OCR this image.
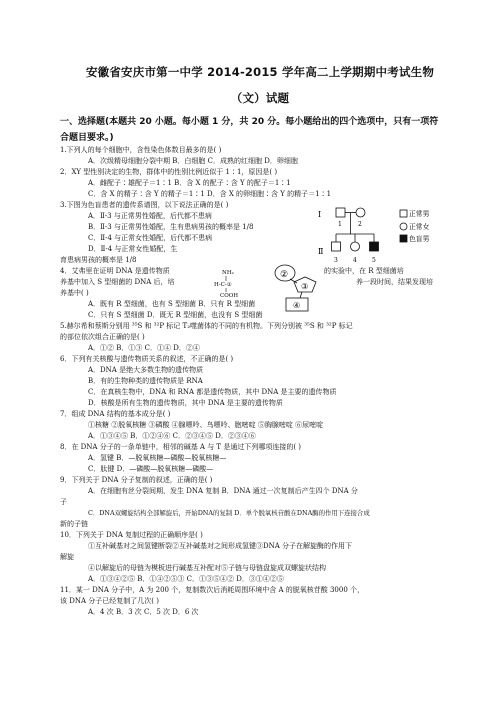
安徽省安庆市第一中学 2014-2015 学年高二上学期期中考试生物
（文）试题
一、选择题(本题共 20 小题。每小题 1 分，共 20 分。每小题给出的四个选项中，只有一项符合题目要求。)
1.下列人的每个细胞中，含性染色体数目最多的是( )
A．次级精母细胞分裂中期 B．白细胞 C．成熟的红细胞 D．卵细胞
2．XY 型性别决定的生物，群体中的性别比例近似于 1∶1，原因是( )
A．雌配子∶雄配子＝1∶1 B．含 X 的配子∶含 Y 的配子＝1∶1
C．含 X 的精子∶含 Y 的精子＝1∶1 D．含 X 的卵细胞∶含 Y 的精子＝1∶1
3.下图为色盲患者的遗传系谱图，以下说法正确的是( )
A．Ⅱ-3 与正常男性婚配，后代都不患病
B．Ⅱ-3 与正常男性婚配，生有患病男孩的概率是 1/8
C．Ⅱ-4 与正常女性婚配，后代都不患病
D．Ⅱ-4 与正常女性婚配，生
育患病男孩的概率是 1/8
4．艾弗里在证明 DNA 是遗传物质
养基中加入 S 型细菌的 DNA 后，培
养基中( )
的实验中，在 R 型细菌培
养一段时间，结果发现培
A．既有 R 型细菌，也有 S 型细菌 B．只有 R 型细菌
C．只有 S 型细菌 D．既无 R 型细菌，也没有 S 型细菌
5.赫尔希和蔡斯分别用 ³⁵S 和 ³²P 标记 T₂噬菌体的不同的有机物。下列分别被 ³⁵S 和 ³²P 标记
的部位依次组合正确的是( )
A．①② B．①③ C．①④ D．②④
6．下列有关核酸与遗传物质关系的叙述，不正确的是( )
A．DNA 是绝大多数生物的遗传物质
B．有的生物种类的遗传物质是 RNA
C．在真核生物中，DNA 和 RNA 都是遗传物质，其中 DNA 是主要的遗传物质
D．核酸是所有生物的遗传物质，其中 DNA 是主要的遗传物质
7．组成 DNA 结构的基本成分是( )
①核糖 ②脱氧核糖 ③磷酸 ④腺嘌呤、鸟嘌呤、胞嘧啶 ⑤胸腺嘧啶 ⑥尿嘧啶
A．①③④⑤ B．①②④⑥ C．②③④⑤ D．②③④⑥
8．在 DNA 分子的一条单链中，相邻的碱基 A 与 T 是通过下列哪项连接的( )
A．氢键 B．—脱氧核糖—磷酸—脱氧核糖—
C．肽键 D．—磷酸—脱氧核糖—磷酸—
9．下列关于 DNA 分子复制的叙述，正确的是( )
A．在细胞有丝分裂间期，发生 DNA 复制 B．DNA 通过一次复制后产生四个 DNA 分
子
C．DNA双螺旋结构全部解旋后，开始DNA的复制 D．单个脱氧核苷酸在DNA酶的作用下连接合成
新的子链
10．下列关于 DNA 复制过程的正确顺序是( )
①互补碱基对之间氢键断裂②互补碱基对之间形成氢键③DNA 分子在解旋酶的作用下
解旋
④以解旋后的母链为模板进行碱基互补配对⑤子链与母链盘旋成双螺旋状结构
A．①③④②⑤ B．①④②⑤③ C．①③⑤④② D．③①④②⑤
11．某一 DNA 分子中，A 为 200 个，复制数次后消耗周围环境中含 A 的脱氧核苷酸 3000 个，
该 DNA 分子已经复制了几次( )
A．4 次 B．3 次 C．5 次 D．6 次
Ⅰ
Ⅱ
1	2
3	4	5
正常男
正常女
色盲男
②
③
④
NH₂
H-C-①
COOH
